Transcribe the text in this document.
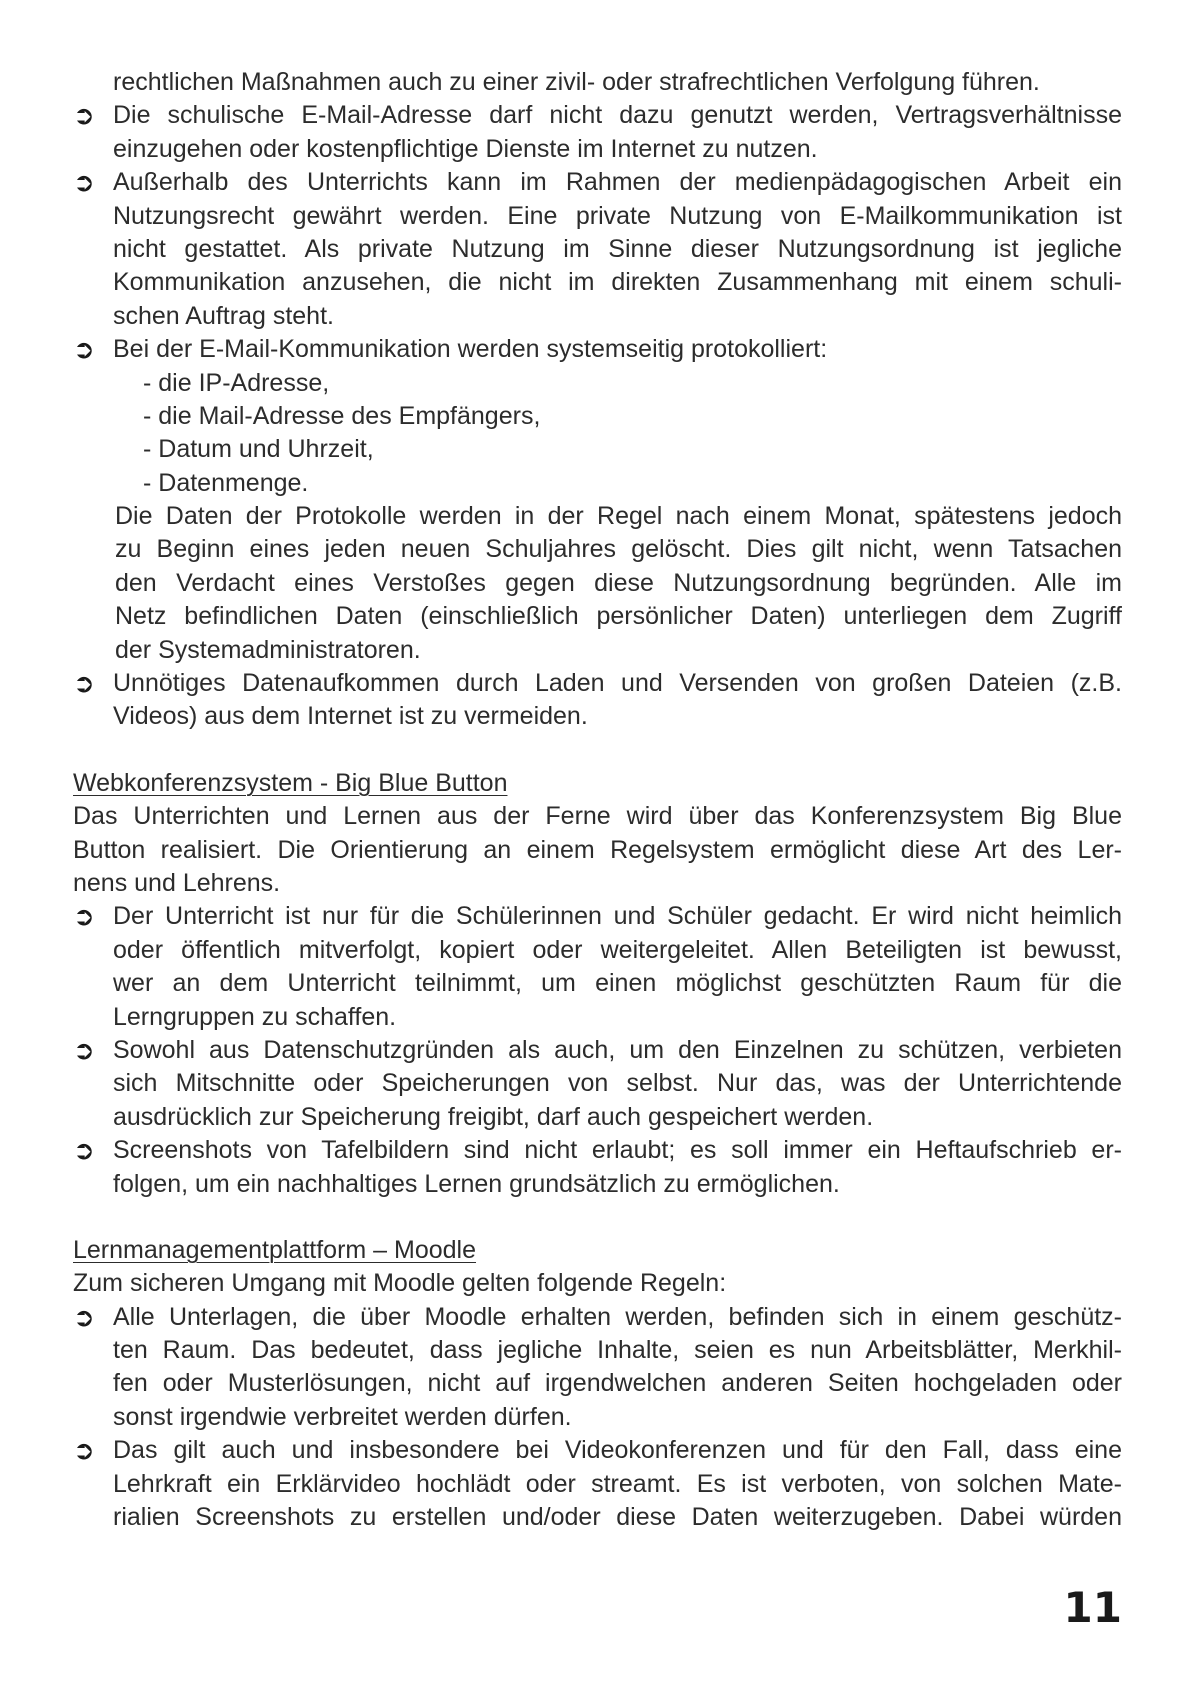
rechtlichen Maßnahmen auch zu einer zivil- oder strafrechtlichen Verfolgung führen.
➲ Die schulische E-Mail-Adresse darf nicht dazu genutzt werden, Vertragsverhältnisse
einzugehen oder kostenpflichtige Dienste im Internet zu nutzen.
➲ Außerhalb des Unterrichts kann im Rahmen der medienpädagogischen Arbeit ein
Nutzungsrecht gewährt werden. Eine private Nutzung von E-Mailkommunikation ist
nicht gestattet. Als private Nutzung im Sinne dieser Nutzungsordnung ist jegliche
Kommunikation anzusehen, die nicht im direkten Zusammenhang mit einem schuli-
schen Auftrag steht.
➲ Bei der E-Mail-Kommunikation werden systemseitig protokolliert:
- die IP-Adresse,
- die Mail-Adresse des Empfängers,
- Datum und Uhrzeit,
- Datenmenge.
Die Daten der Protokolle werden in der Regel nach einem Monat, spätestens jedoch
zu Beginn eines jeden neuen Schuljahres gelöscht. Dies gilt nicht, wenn Tatsachen
den Verdacht eines Verstoßes gegen diese Nutzungsordnung begründen. Alle im
Netz befindlichen Daten (einschließlich persönlicher Daten) unterliegen dem Zugriff
der Systemadministratoren.
➲ Unnötiges Datenaufkommen durch Laden und Versenden von großen Dateien (z.B.
Videos) aus dem Internet ist zu vermeiden.
Webkonferenzsystem - Big Blue Button
Das Unterrichten und Lernen aus der Ferne wird über das Konferenzsystem Big Blue
Button realisiert. Die Orientierung an einem Regelsystem ermöglicht diese Art des Ler-
nens und Lehrens.
➲ Der Unterricht ist nur für die Schülerinnen und Schüler gedacht. Er wird nicht heimlich
oder öffentlich mitverfolgt, kopiert oder weitergeleitet. Allen Beteiligten ist bewusst,
wer an dem Unterricht teilnimmt, um einen möglichst geschützten Raum für die
Lerngruppen zu schaffen.
➲ Sowohl aus Datenschutzgründen als auch, um den Einzelnen zu schützen, verbieten
sich Mitschnitte oder Speicherungen von selbst. Nur das, was der Unterrichtende
ausdrücklich zur Speicherung freigibt, darf auch gespeichert werden.
➲ Screenshots von Tafelbildern sind nicht erlaubt; es soll immer ein Heftaufschrieb er-
folgen, um ein nachhaltiges Lernen grundsätzlich zu ermöglichen.
Lernmanagementplattform – Moodle
Zum sicheren Umgang mit Moodle gelten folgende Regeln:
➲ Alle Unterlagen, die über Moodle erhalten werden, befinden sich in einem geschütz-
ten Raum. Das bedeutet, dass jegliche Inhalte, seien es nun Arbeitsblätter, Merkhil-
fen oder Musterlösungen, nicht auf irgendwelchen anderen Seiten hochgeladen oder
sonst irgendwie verbreitet werden dürfen.
➲ Das gilt auch und insbesondere bei Videokonferenzen und für den Fall, dass eine
Lehrkraft ein Erklärvideo hochlädt oder streamt. Es ist verboten, von solchen Mate-
rialien Screenshots zu erstellen und/oder diese Daten weiterzugeben. Dabei würden
11
